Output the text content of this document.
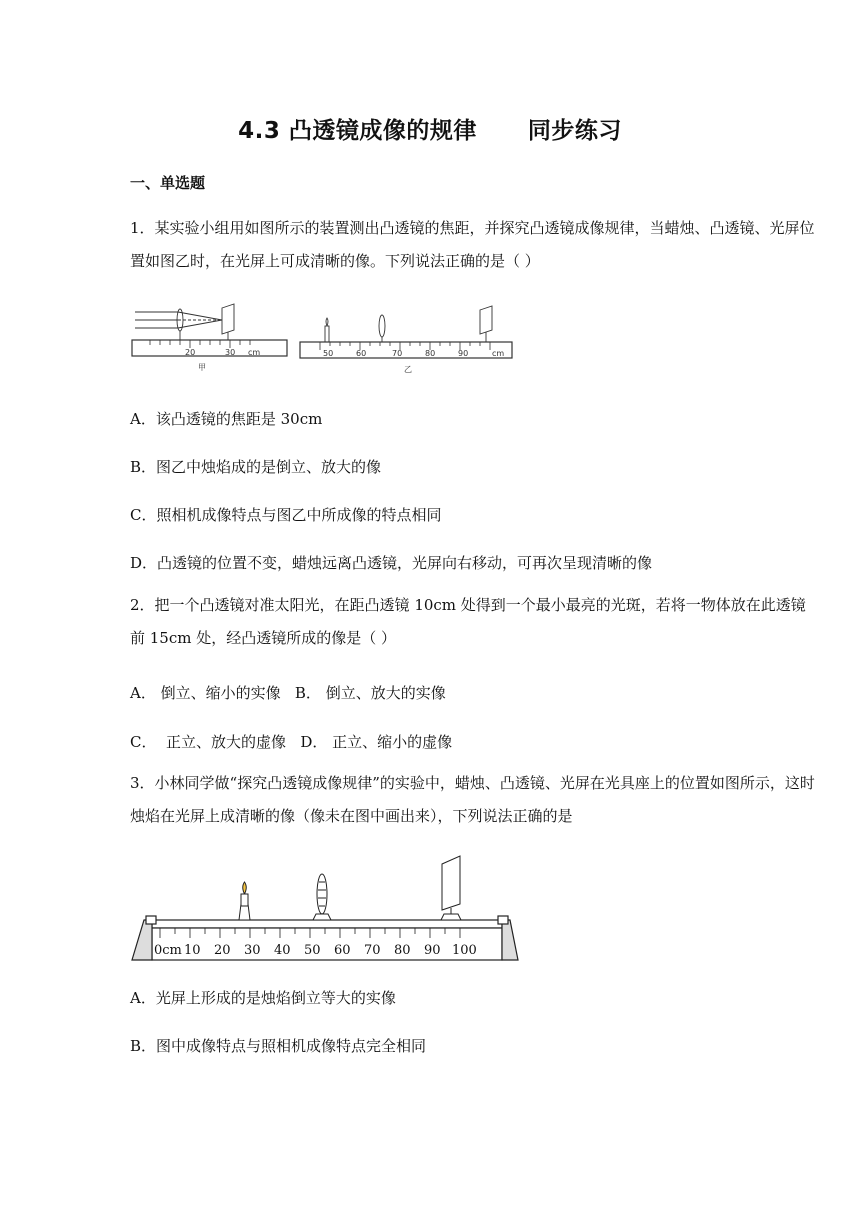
4.3 凸透镜成像的规律      同步练习
一、单选题
1．某实验小组用如图所示的装置测出凸透镜的焦距，并探究凸透镜成像规律，当蜡烛、凸透镜、光屏位置如图乙时，在光屏上可成清晰的像。下列说法正确的是（ ）
20	30 cm
甲
50	60	70	80	90	cm
乙
A．该凸透镜的焦距是 30cm
B．图乙中烛焰成的是倒立、放大的像
C．照相机成像特点与图乙中所成像的特点相同
D．凸透镜的位置不变，蜡烛远离凸透镜，光屏向右移动，可再次呈现清晰的像
2．把一个凸透镜对准太阳光，在距凸透镜 10cm 处得到一个最小最亮的光斑，若将一物体放在此透镜前 15cm 处，经凸透镜所成的像是（ ）
A． 倒立、缩小的实像   B． 倒立、放大的实像
C．  正立、放大的虚像   D． 正立、缩小的虚像
3．小林同学做“探究凸透镜成像规律”的实验中，蜡烛、凸透镜、光屏在光具座上的位置如图所示，这时烛焰在光屏上成清晰的像（像未在图中画出来），下列说法正确的是
0cm 10 20 30 40 50 60 70 80 90 100
A．光屏上形成的是烛焰倒立等大的实像
B．图中成像特点与照相机成像特点完全相同
